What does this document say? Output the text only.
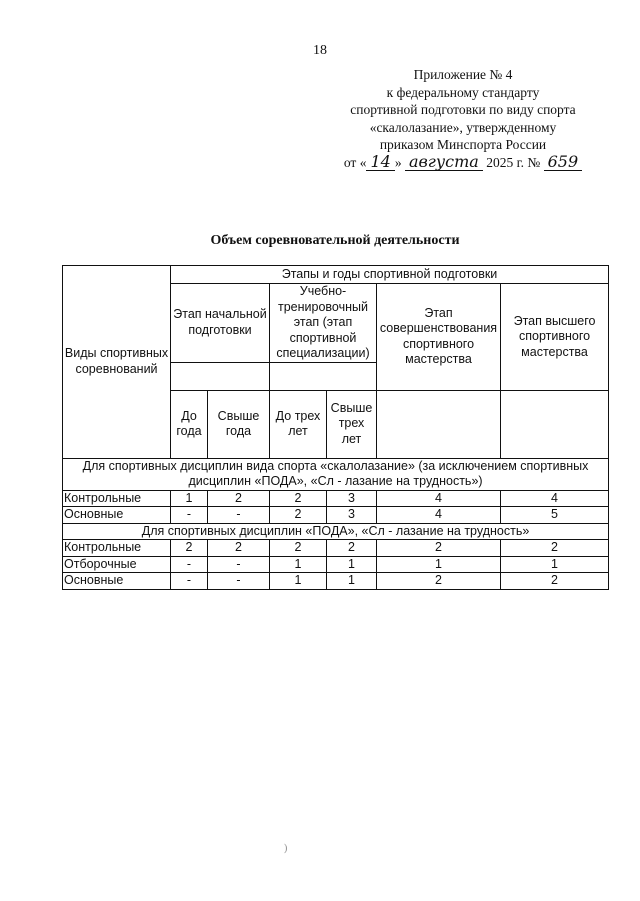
18
Приложение № 4
к федеральному стандарту
спортивной подготовки по виду спорта
«скалолазание», утвержденному
приказом Минспорта России
от « 14 » августа 2025 г. № 659
Объем соревновательной деятельности
Виды спортивных соревнований	Этапы и годы спортивной подготовки					
	Этап начальной подготовки		Учебно-тренировочный этап (этап спортивной специализации)		Этап совершенствования спортивного мастерства	Этап высшего спортивного мастерства

	До года	Свыше года	До трех лет	Свыше трех лет		
Для спортивных дисциплин вида спорта «скалолазание» (за исключением спортивных дисциплин «ПОДА», «Сл - лазание на трудность»)						
Контрольные	1	2	2	3	4	4
Основные	-	-	2	3	4	5
Для спортивных дисциплин «ПОДА», «Сл - лазание на трудность»						
Контрольные	2	2	2	2	2	2
Отборочные	-	-	1	1	1	1
Основные	-	-	1	1	2	2
)
